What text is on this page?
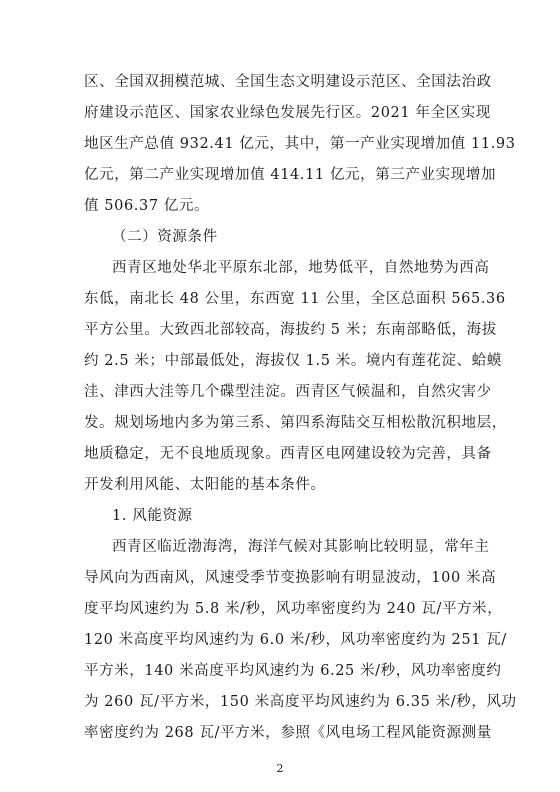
区、全国双拥模范城、全国生态文明建设示范区、全国法治政
府建设示范区、国家农业绿色发展先行区。2021 年全区实现
地区生产总值 932.41 亿元，其中，第一产业实现增加值 11.93
亿元，第二产业实现增加值 414.11 亿元，第三产业实现增加
值 506.37 亿元。
（二）资源条件
西青区地处华北平原东北部，地势低平，自然地势为西高
东低，南北长 48 公里，东西宽 11 公里，全区总面积 565.36
平方公里。大致西北部较高，海拔约 5 米；东南部略低，海拔
约 2.5 米；中部最低处，海拔仅 1.5 米。境内有莲花淀、蛤蟆
洼、津西大洼等几个碟型洼淀。西青区气候温和，自然灾害少
发。规划场地内多为第三系、第四系海陆交互相松散沉积地层，
地质稳定，无不良地质现象。西青区电网建设较为完善，具备
开发利用风能、太阳能的基本条件。
1. 风能资源
西青区临近渤海湾，海洋气候对其影响比较明显，常年主
导风向为西南风，风速受季节变换影响有明显波动，100 米高
度平均风速约为 5.8 米/秒，风功率密度约为 240 瓦/平方米，
120 米高度平均风速约为 6.0 米/秒，风功率密度约为 251 瓦/
平方米，140 米高度平均风速约为 6.25 米/秒，风功率密度约
为 260 瓦/平方米，150 米高度平均风速约为 6.35 米/秒，风功
率密度约为 268 瓦/平方米，参照《风电场工程风能资源测量
2
